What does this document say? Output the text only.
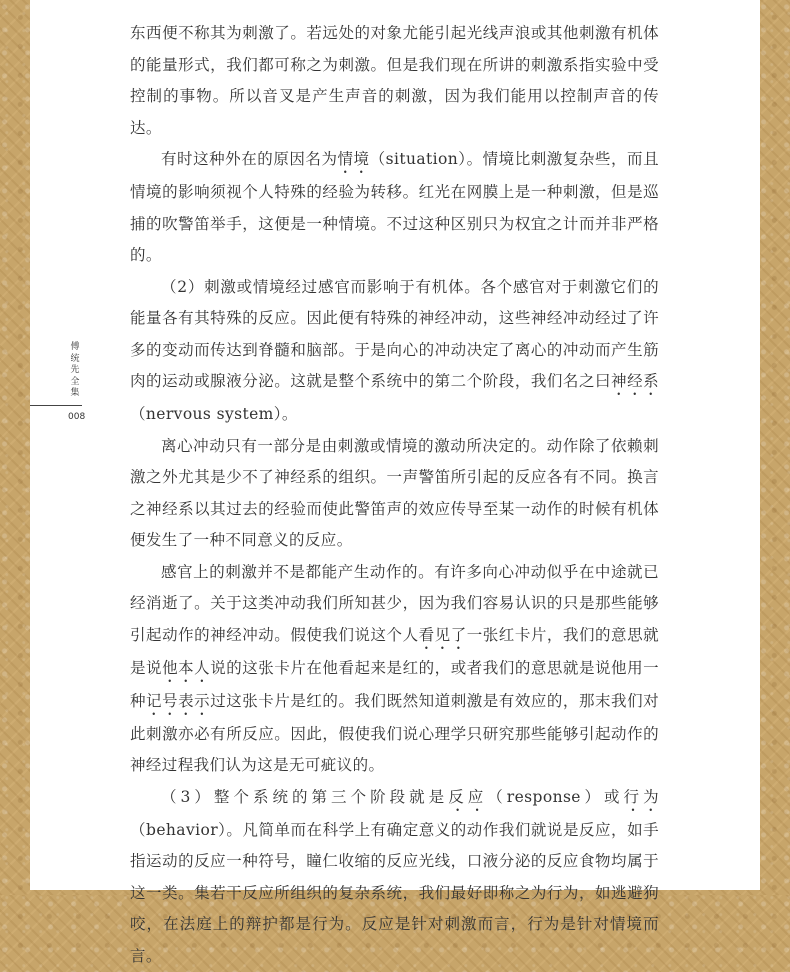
傅统先全集
008

东西便不称其为刺激了。若远处的对象尤能引起光线声浪或其他刺激有机体的能量形式，我们都可称之为刺激。但是我们现在所讲的刺激系指实验中受控制的事物。所以音叉是产生声音的刺激，因为我们能用以控制声音的传达。

有时这种外在的原因名为情境（situation）。情境比刺激复杂些，而且情境的影响须视个人特殊的经验为转移。红光在网膜上是一种刺激，但是巡捕的吹警笛举手，这便是一种情境。不过这种区别只为权宜之计而并非严格的。

（2）刺激或情境经过感官而影响于有机体。各个感官对于刺激它们的能量各有其特殊的反应。因此便有特殊的神经冲动，这些神经冲动经过了许多的变动而传达到脊髓和脑部。于是向心的冲动决定了离心的冲动而产生筋肉的运动或腺液分泌。这就是整个系统中的第二个阶段，我们名之曰神经系（nervous system）。

离心冲动只有一部分是由刺激或情境的激动所决定的。动作除了依赖刺激之外尤其是少不了神经系的组织。一声警笛所引起的反应各有不同。换言之神经系以其过去的经验而使此警笛声的效应传导至某一动作的时候有机体便发生了一种不同意义的反应。

感官上的刺激并不是都能产生动作的。有许多向心冲动似乎在中途就已经消逝了。关于这类冲动我们所知甚少，因为我们容易认识的只是那些能够引起动作的神经冲动。假使我们说这个人看见了一张红卡片，我们的意思就是说他本人说的这张卡片在他看起来是红的，或者我们的意思就是说他用一种记号表示过这张卡片是红的。我们既然知道刺激是有效应的，那末我们对此刺激亦必有所反应。因此，假使我们说心理学只研究那些能够引起动作的神经过程我们认为这是无可疵议的。

（3）整个系统的第三个阶段就是反应（response）或行为（behavior）。凡简单而在科学上有确定意义的动作我们就说是反应，如手指运动的反应一种符号，瞳仁收缩的反应光线，口液分泌的反应食物均属于这一类。集若干反应所组织的复杂系统，我们最好即称之为行为，如逃避狗咬，在法庭上的辩护都是行为。反应是针对刺激而言，行为是针对情境而言。
